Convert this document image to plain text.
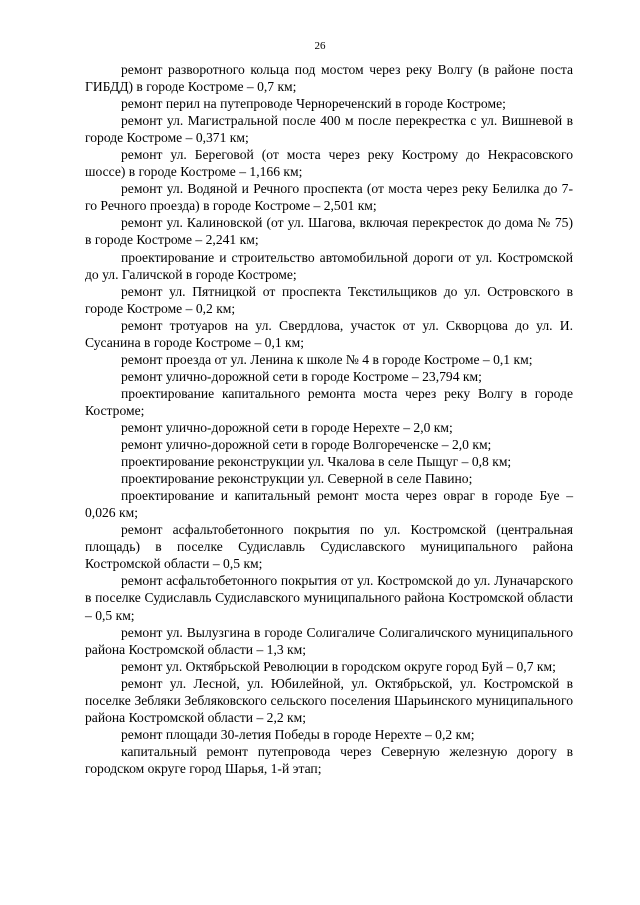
26

ремонт разворотного кольца под мостом через реку Волгу (в районе поста ГИБДД) в городе Костроме – 0,7 км;

ремонт перил на путепроводе Чернореченский в городе Костроме;

ремонт ул. Магистральной после 400 м после перекрестка с ул. Вишневой в городе Костроме – 0,371 км;

ремонт ул. Береговой (от моста через реку Кострому до Некрасовского шоссе) в городе Костроме – 1,166 км;

ремонт ул. Водяной и Речного проспекта (от моста через реку Белилка до 7-го Речного проезда) в городе Костроме – 2,501 км;

ремонт ул. Калиновской (от ул. Шагова, включая перекресток до дома № 75) в городе Костроме – 2,241 км;

проектирование и строительство автомобильной дороги от ул. Костромской до ул. Галичской в городе Костроме;

ремонт ул. Пятницкой от проспекта Текстильщиков до ул. Островского в городе Костроме – 0,2 км;

ремонт тротуаров на ул. Свердлова, участок от ул. Скворцова до ул. И. Сусанина в городе Костроме – 0,1 км;

ремонт проезда от ул. Ленина к школе № 4 в городе Костроме – 0,1 км;

ремонт улично-дорожной сети в городе Костроме – 23,794 км;

проектирование капитального ремонта моста через реку Волгу в городе Костроме;

ремонт улично-дорожной сети в городе Нерехте – 2,0 км;

ремонт улично-дорожной сети в городе Волгореченске – 2,0 км;

проектирование реконструкции ул. Чкалова в селе Пыщуг – 0,8 км;

проектирование реконструкции ул. Северной в селе Павино;

проектирование и капитальный ремонт моста через овраг в городе Буе – 0,026 км;

ремонт асфальтобетонного покрытия по ул. Костромской (центральная площадь) в поселке Судиславль Судиславского муниципального района Костромской области – 0,5 км;

ремонт асфальтобетонного покрытия от ул. Костромской до ул. Луначарского в поселке Судиславль Судиславского муниципального района Костромской области – 0,5 км;

ремонт ул. Вылузгина в городе Солигаличе Солигаличского муниципального района Костромской области – 1,3 км;

ремонт ул. Октябрьской Революции в городском округе город Буй – 0,7 км;

ремонт ул. Лесной, ул. Юбилейной, ул. Октябрьской, ул. Костромской в поселке Зебляки Зебляковского сельского поселения Шарьинского муниципального района Костромской области – 2,2 км;

ремонт площади 30-летия Победы в городе Нерехте – 0,2 км;

капитальный ремонт путепровода через Северную железную дорогу в городском округе город Шарья, 1-й этап;
